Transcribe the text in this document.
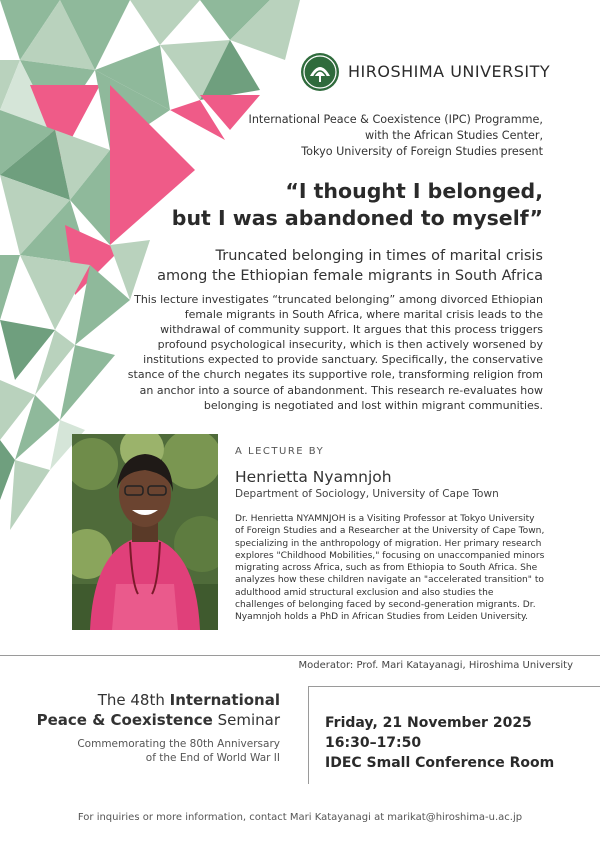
HIROSHIMA UNIVERSITY
International Peace & Coexistence (IPC) Programme,
with the African Studies Center,
Tokyo University of Foreign Studies present
“I thought I belonged,
but I was abandoned to myself”
Truncated belonging in times of marital crisis
among the Ethiopian female migrants in South Africa
This lecture investigates “truncated belonging” among divorced Ethiopian female migrants in South Africa, where marital crisis leads to the withdrawal of community support. It argues that this process triggers profound psychological insecurity, which is then actively worsened by institutions expected to provide sanctuary. Specifically, the conservative stance of the church negates its supportive role, transforming religion from an anchor into a source of abandonment. This research re-evaluates how belonging is negotiated and lost within migrant communities.
A LECTURE BY
Henrietta Nyamnjoh
Department of Sociology, University of Cape Town
Dr. Henrietta NYAMNJOH is a Visiting Professor at Tokyo University of Foreign Studies and a Researcher at the University of Cape Town, specializing in the anthropology of migration. Her primary research explores "Childhood Mobilities," focusing on unaccompanied minors migrating across Africa, such as from Ethiopia to South Africa. She analyzes how these children navigate an "accelerated transition" to adulthood amid structural exclusion and also studies the challenges of belonging faced by second-generation migrants. Dr. Nyamnjoh holds a PhD in African Studies from Leiden University.
Moderator: Prof. Mari Katayanagi, Hiroshima University
The 48th International
Peace & Coexistence Seminar
Commemorating the 80th Anniversary
of the End of World War II
Friday, 21 November 2025
16:30–17:50
IDEC Small Conference Room
For inquiries or more information, contact Mari Katayanagi at marikat@hiroshima-u.ac.jp
